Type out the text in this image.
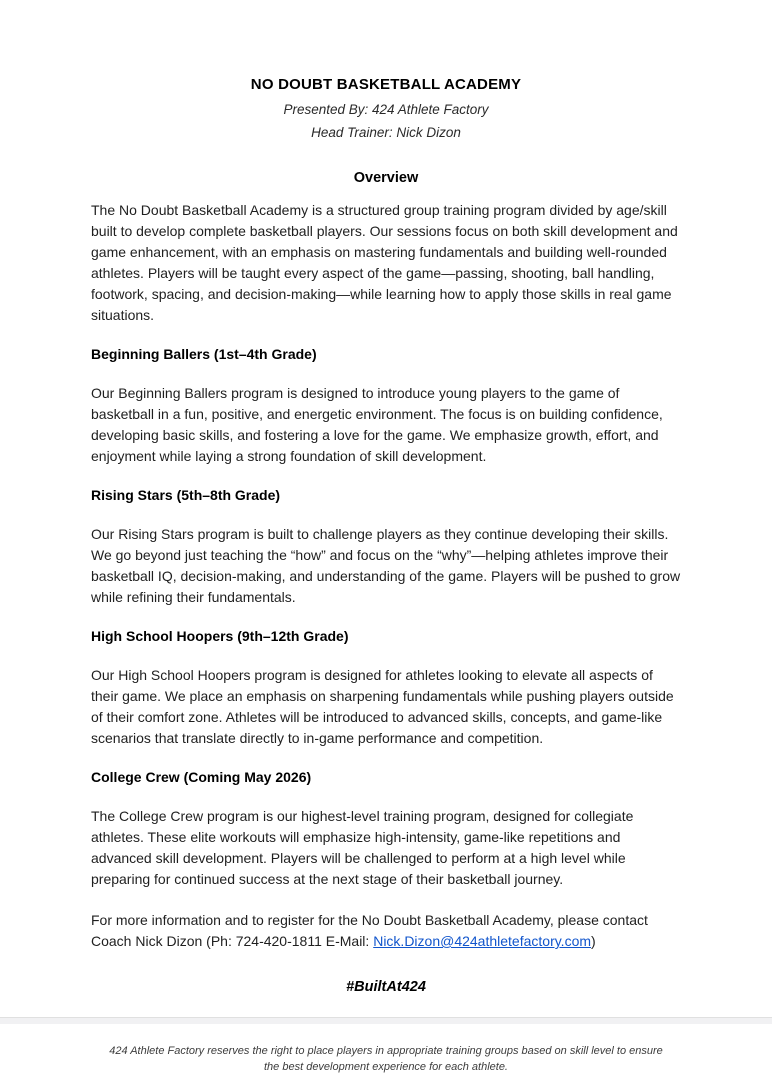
NO DOUBT BASKETBALL ACADEMY

Presented By: 424 Athlete Factory

Head Trainer: Nick Dizon

Overview

The No Doubt Basketball Academy is a structured group training program divided by age/skill built to develop complete basketball players. Our sessions focus on both skill development and game enhancement, with an emphasis on mastering fundamentals and building well-rounded athletes. Players will be taught every aspect of the game—passing, shooting, ball handling, footwork, spacing, and decision-making—while learning how to apply those skills in real game situations.

Beginning Ballers (1st–4th Grade)

Our Beginning Ballers program is designed to introduce young players to the game of basketball in a fun, positive, and energetic environment. The focus is on building confidence, developing basic skills, and fostering a love for the game. We emphasize growth, effort, and enjoyment while laying a strong foundation of skill development.

Rising Stars (5th–8th Grade)

Our Rising Stars program is built to challenge players as they continue developing their skills. We go beyond just teaching the “how” and focus on the “why”—helping athletes improve their basketball IQ, decision-making, and understanding of the game. Players will be pushed to grow while refining their fundamentals.

High School Hoopers (9th–12th Grade)

Our High School Hoopers program is designed for athletes looking to elevate all aspects of their game. We place an emphasis on sharpening fundamentals while pushing players outside of their comfort zone. Athletes will be introduced to advanced skills, concepts, and game-like scenarios that translate directly to in-game performance and competition.

College Crew (Coming May 2026)

The College Crew program is our highest-level training program, designed for collegiate athletes. These elite workouts will emphasize high-intensity, game-like repetitions and advanced skill development. Players will be challenged to perform at a high level while preparing for continued success at the next stage of their basketball journey.

For more information and to register for the No Doubt Basketball Academy, please contact Coach Nick Dizon (Ph: 724-420-1811 E-Mail: Nick.Dizon@424athletefactory.com)

#BuiltAt424

424 Athlete Factory reserves the right to place players in appropriate training groups based on skill level to ensure the best development experience for each athlete.
